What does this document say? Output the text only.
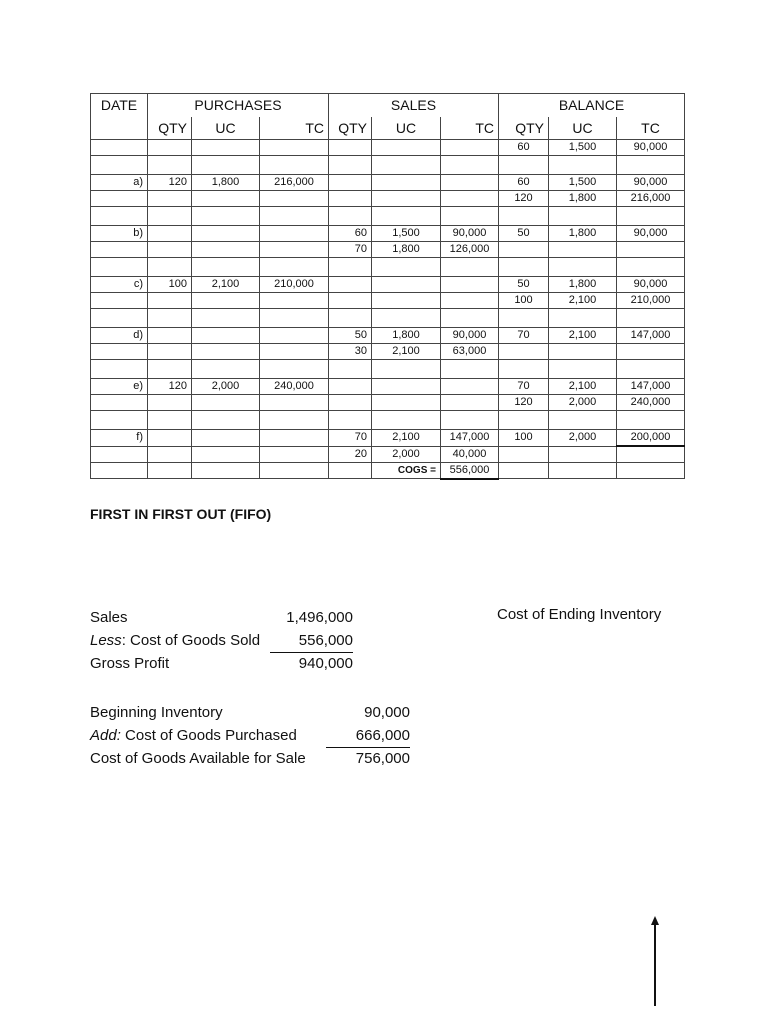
DATE	PURCHASES			SALES			BALANCE		
	QTY	UC	TC	QTY	UC	TC	QTY	UC	TC
							60	1,500	90,000

a)	120	1,800	216,000				60	1,500	90,000
							120	1,800	216,000

b)				60	1,500	90,000	50	1,800	90,000
				70	1,800	126,000			

c)	100	2,100	210,000				50	1,800	90,000
							100	2,100	210,000

d)				50	1,800	90,000	70	2,100	147,000
				30	2,100	63,000			

e)	120	2,000	240,000				70	2,100	147,000
							120	2,000	240,000

f)				70	2,100	147,000	100	2,000	200,000
				20	2,000	40,000			
					COGS =	556,000			
FIRST IN FIRST OUT (FIFO)
Sales	1,496,000
Less: Cost of Goods Sold	556,000
Gross Profit	940,000
Beginning Inventory	90,000
Add: Cost of Goods Purchased	666,000
Cost of Goods Available for Sale	756,000
Cost of Ending Inventory
